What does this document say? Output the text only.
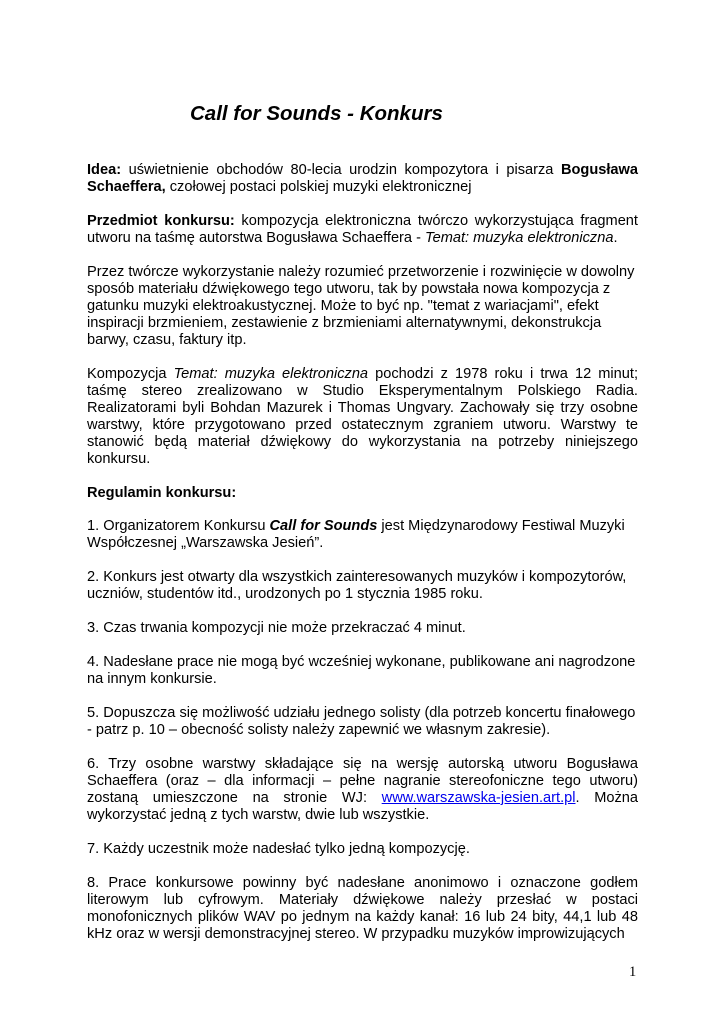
Call for Sounds - Konkurs

Idea: uświetnienie obchodów 80-lecia urodzin kompozytora i pisarza Bogusława Schaeffera, czołowej postaci polskiej muzyki elektronicznej

Przedmiot konkursu: kompozycja elektroniczna twórczo wykorzystująca fragment utworu na taśmę autorstwa Bogusława Schaeffera - Temat: muzyka elektroniczna.

Przez twórcze wykorzystanie należy rozumieć przetworzenie i rozwinięcie w dowolny sposób materiału dźwiękowego tego utworu, tak by powstała nowa kompozycja z gatunku muzyki elektroakustycznej. Może to być np. "temat z wariacjami", efekt inspiracji brzmieniem, zestawienie z brzmieniami alternatywnymi, dekonstrukcja barwy, czasu, faktury itp.

Kompozycja Temat: muzyka elektroniczna pochodzi z 1978 roku i trwa 12 minut; taśmę stereo zrealizowano w Studio Eksperymentalnym Polskiego Radia. Realizatorami byli Bohdan Mazurek i Thomas Ungvary. Zachowały się trzy osobne warstwy, które przygotowano przed ostatecznym zgraniem utworu. Warstwy te stanowić będą materiał dźwiękowy do wykorzystania na potrzeby niniejszego konkursu.

Regulamin konkursu:

1. Organizatorem Konkursu Call for Sounds jest Międzynarodowy Festiwal Muzyki Współczesnej „Warszawska Jesień”.

2. Konkurs jest otwarty dla wszystkich zainteresowanych muzyków i kompozytorów, uczniów, studentów itd., urodzonych po 1 stycznia 1985 roku.

3. Czas trwania kompozycji nie może przekraczać 4 minut.

4. Nadesłane prace nie mogą być wcześniej wykonane, publikowane ani nagrodzone na innym konkursie.

5. Dopuszcza się możliwość udziału jednego solisty (dla potrzeb koncertu finałowego - patrz p. 10 – obecność solisty należy zapewnić we własnym zakresie).

6. Trzy osobne warstwy składające się na wersję autorską utworu Bogusława Schaeffera (oraz – dla informacji – pełne nagranie stereofoniczne tego utworu) zostaną umieszczone na stronie WJ: www.warszawska-jesien.art.pl. Można wykorzystać jedną z tych warstw, dwie lub wszystkie.

7. Każdy uczestnik może nadesłać tylko jedną kompozycję.

8. Prace konkursowe powinny być nadesłane anonimowo i oznaczone godłem literowym lub cyfrowym. Materiały dźwiękowe należy przesłać w postaci monofonicznych plików WAV po jednym na każdy kanał: 16 lub 24 bity, 44,1 lub 48 kHz oraz w wersji demonstracyjnej stereo. W przypadku muzyków improwizujących

1
